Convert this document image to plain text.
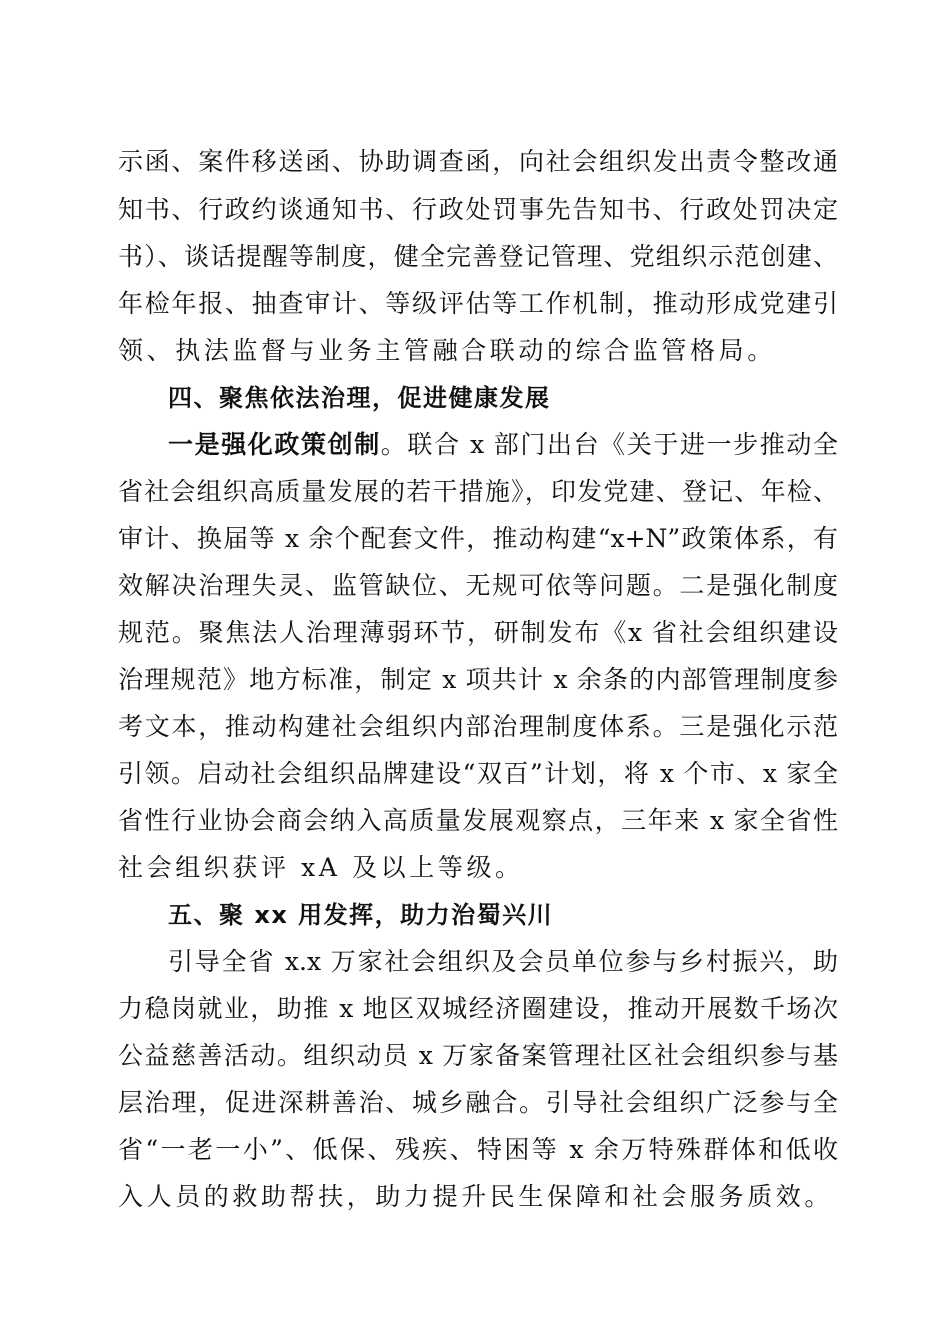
示函、案件移送函、协助调查函，向社会组织发出责令整改通

知书、行政约谈通知书、行政处罚事先告知书、行政处罚决定

书）、谈话提醒等制度，健全完善登记管理、党组织示范创建、

年检年报、抽查审计、等级评估等工作机制，推动形成党建引

领、执法监督与业务主管融合联动的综合监管格局。

四、聚焦依法治理，促进健康发展

一是强化政策创制。联合 x 部门出台《关于进一步推动全

省社会组织高质量发展的若干措施》，印发党建、登记、年检、

审计、换届等 x 余个配套文件，推动构建“x+N”政策体系，有

效解决治理失灵、监管缺位、无规可依等问题。二是强化制度

规范。聚焦法人治理薄弱环节，研制发布《x 省社会组织建设

治理规范》地方标准，制定 x 项共计 x 余条的内部管理制度参

考文本，推动构建社会组织内部治理制度体系。三是强化示范

引领。启动社会组织品牌建设“双百”计划，将 x 个市、x 家全

省性行业协会商会纳入高质量发展观察点，三年来 x 家全省性

社会组织获评 xA 及以上等级。

五、聚 xx 用发挥，助力治蜀兴川

引导全省 x.x 万家社会组织及会员单位参与乡村振兴，助

力稳岗就业，助推 x 地区双城经济圈建设，推动开展数千场次

公益慈善活动。组织动员 x 万家备案管理社区社会组织参与基

层治理，促进深耕善治、城乡融合。引导社会组织广泛参与全

省“一老一小”、低保、残疾、特困等 x 余万特殊群体和低收

入人员的救助帮扶，助力提升民生保障和社会服务质效。
